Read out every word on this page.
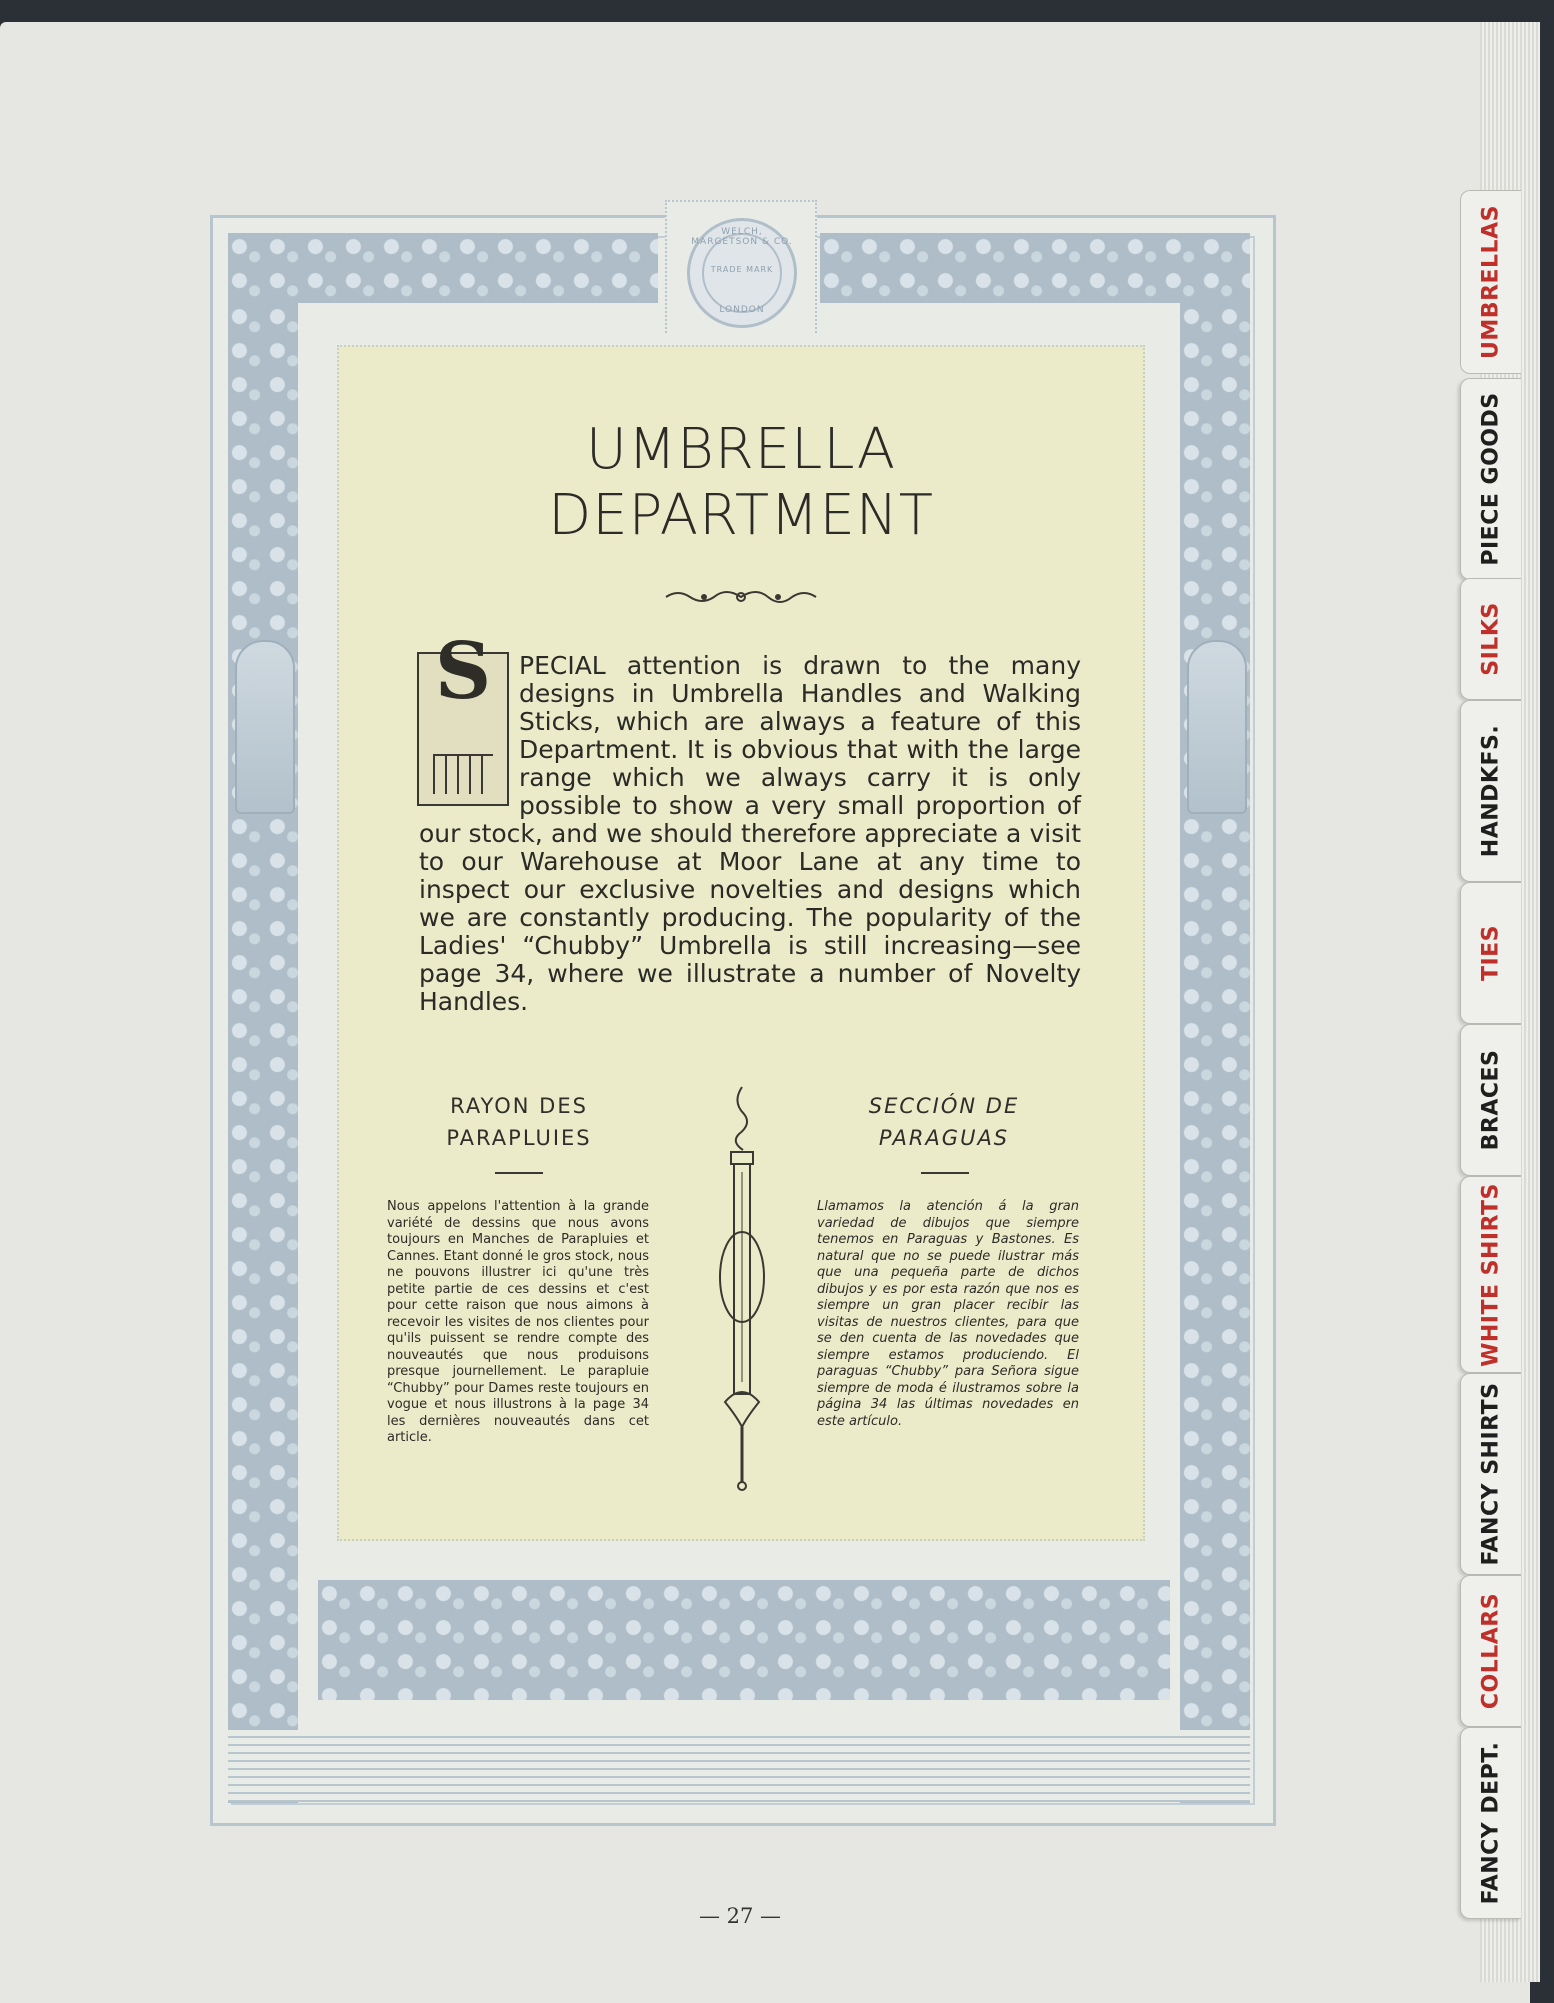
WELCH, MARGETSON & CO.
TRADE MARK
LONDON
UMBRELLA
DEPARTMENT

S	PECIAL attention is drawn to the many designs in Umbrella Handles and Walking Sticks, which are always a feature of this Department. It is obvious that with the large range which we always carry it is only possible to show a very small proportion of our stock, and we should therefore appreciate a visit to our Warehouse at Moor Lane at any time to inspect our exclusive novelties and designs which we are constantly producing. The popularity of the Ladies' “Chubby” Umbrella is still increasing—see page 34, where we illustrate a number of Novelty Handles.

RAYON DES
PARAPLUIES

Nous appelons l'attention à la grande variété de dessins que nous avons toujours en Manches de Parapluies et Cannes. Etant donné le gros stock, nous ne pouvons illustrer ici qu'une très petite partie de ces dessins et c'est pour cette raison que nous aimons à recevoir les visites de nos clientes pour qu'ils puissent se rendre compte des nouveautés que nous produisons presque journellement. Le parapluie “Chubby” pour Dames reste toujours en vogue et nous illustrons à la page 34 les dernières nouveautés dans cet article.

SECCIÓN DE
PARAGUAS

Llamamos la atención á la gran variedad de dibujos que siempre tenemos en Paraguas y Bastones. Es natural que no se puede ilustrar más que una pequeña parte de dichos dibujos y es por esta razón que nos es siempre un gran placer recibir las visitas de nuestros clientes, para que se den cuenta de las novedades que siempre estamos produciendo. El paraguas “Chubby” para Señora sigue siempre de moda é ilustramos sobre la página 34 las últimas novedades en este artículo.

— 27 —
UMBRELLAS
PIECE GOODS
SILKS
HANDKFS.
TIES
BRACES
WHITE SHIRTS
FANCY SHIRTS
COLLARS
FANCY DEPT.
